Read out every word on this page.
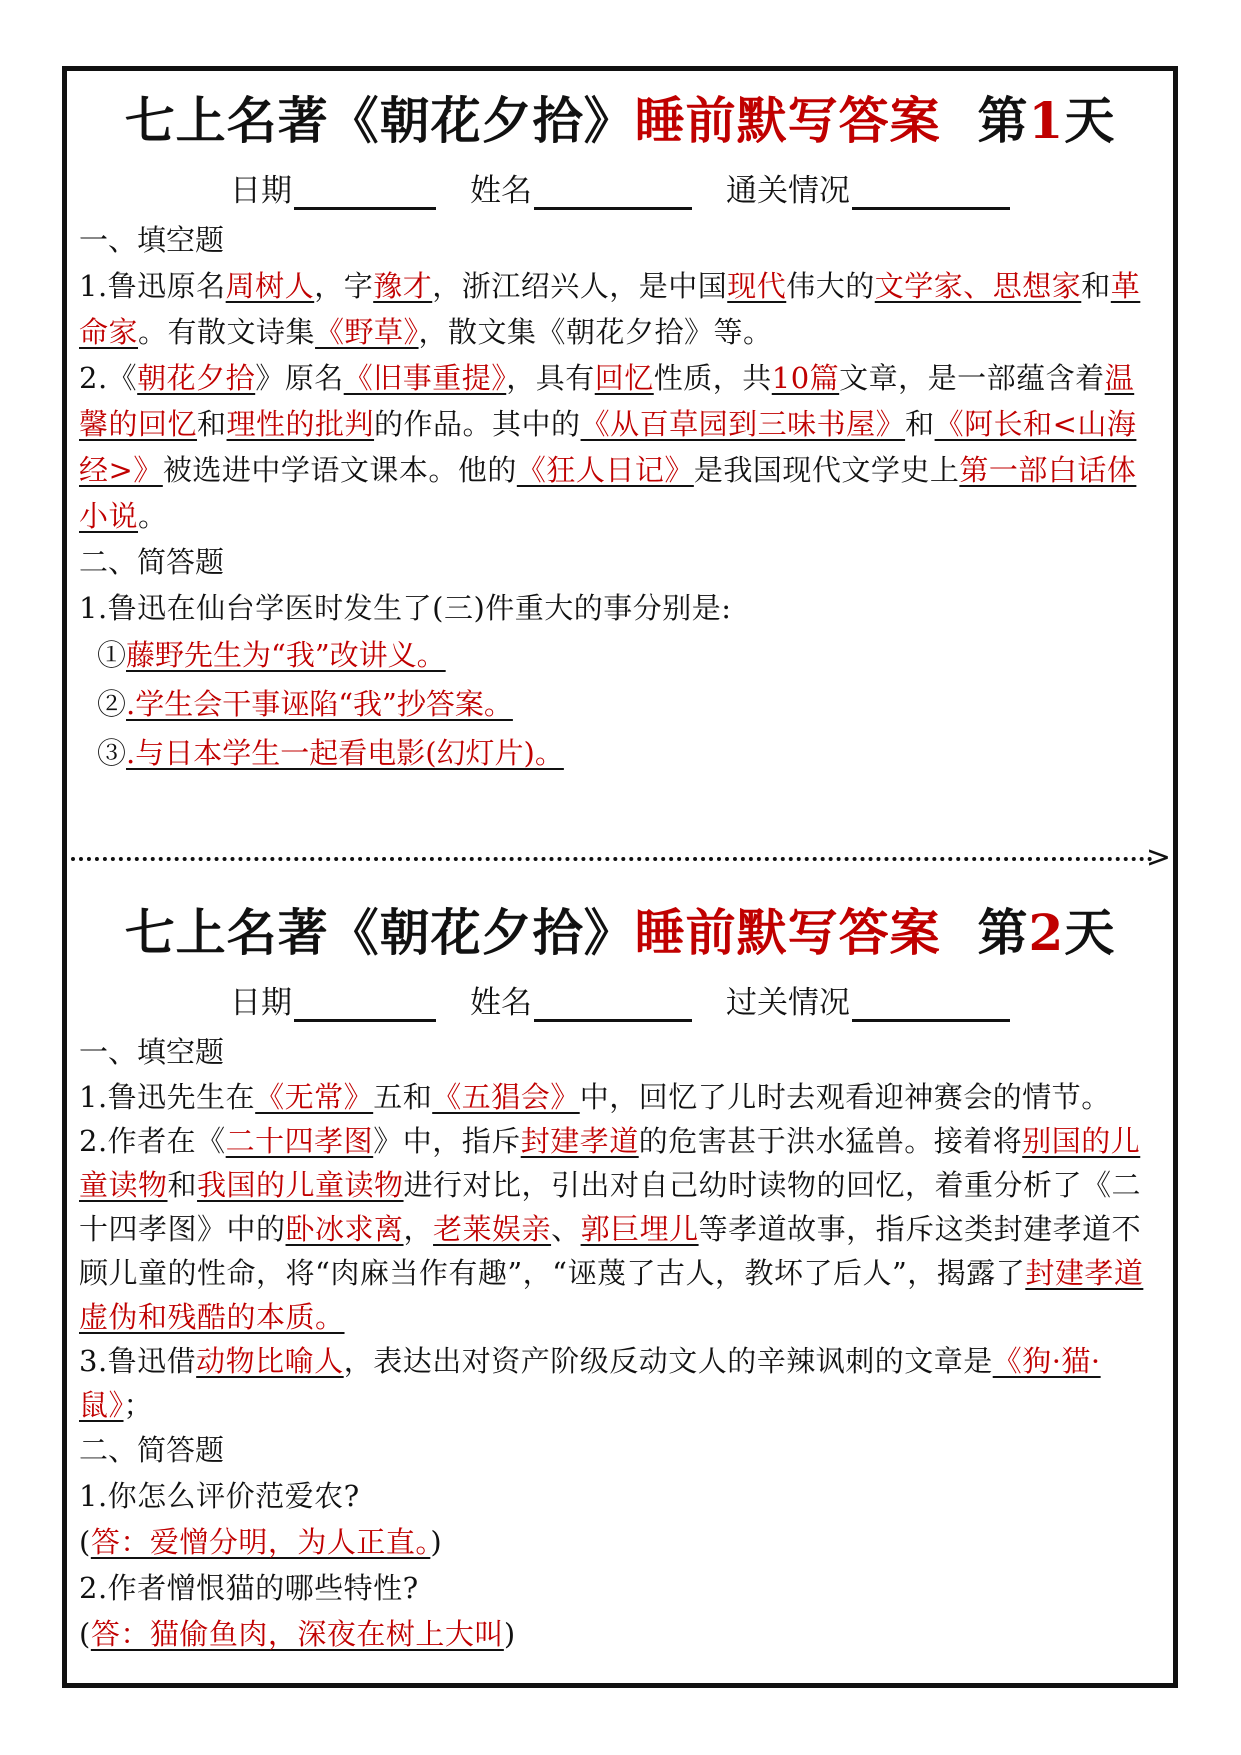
七上名著《朝花夕拾》睡前默写答案 第1天
日期	姓名	通关情况
一、填空题
1.鲁迅原名周树人，字豫才，浙江绍兴人，是中国现代伟大的文学家、思想家和革命家。有散文诗集《野草》，散文集《朝花夕拾》等。
2.《朝花夕拾》原名《旧事重提》，具有回忆性质，共10篇文章，是一部蕴含着温馨的回忆和理性的批判的作品。其中的《从百草园到三味书屋》和《阿长和<山海经>》被选进中学语文课本。他的《狂人日记》是我国现代文学史上第一部白话体小说。
二、简答题
1.鲁迅在仙台学医时发生了(三)件重大的事分别是:
①藤野先生为“我”改讲义。
②.学生会干事诬陷“我”抄答案。
③.与日本学生一起看电影(幻灯片)。
>
七上名著《朝花夕拾》睡前默写答案 第2天
日期	姓名	过关情况
一、填空题
1.鲁迅先生在《无常》五和《五猖会》中，回忆了儿时去观看迎神赛会的情节。
2.作者在《二十四孝图》中，指斥封建孝道的危害甚于洪水猛兽。接着将别国的儿童读物和我国的儿童读物进行对比，引出对自己幼时读物的回忆，着重分析了《二十四孝图》中的卧冰求离，老莱娱亲、郭巨埋儿等孝道故事，指斥这类封建孝道不顾儿童的性命，将“肉麻当作有趣”，“诬蔑了古人，教坏了后人”，揭露了封建孝道虚伪和残酷的本质。
3.鲁迅借动物比喻人，表达出对资产阶级反动文人的辛辣讽刺的文章是《狗·猫·鼠》；
二、简答题
1.你怎么评价范爱农?
(答：爱憎分明，为人正直。)
2.作者憎恨猫的哪些特性?
(答：猫偷鱼肉，深夜在树上大叫)
